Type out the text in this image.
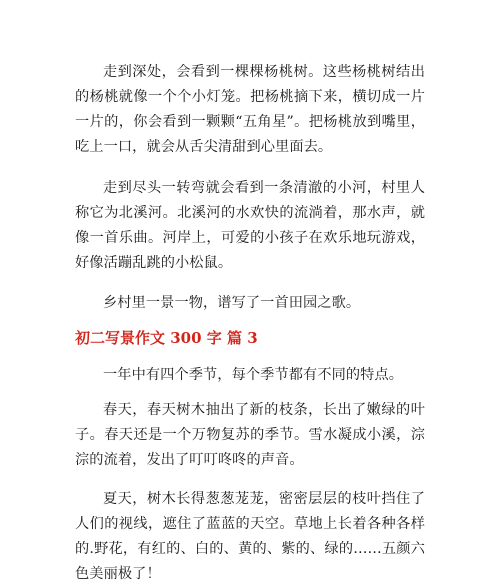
走到深处，会看到一棵棵杨桃树。这些杨桃树结出的杨桃就像一个个小灯笼。把杨桃摘下来，横切成一片一片的，你会看到一颗颗“五角星”。把杨桃放到嘴里，吃上一口，就会从舌尖清甜到心里面去。

走到尽头一转弯就会看到一条清澈的小河，村里人称它为北溪河。北溪河的水欢快的流淌着，那水声，就像一首乐曲。河岸上，可爱的小孩子在欢乐地玩游戏，好像活蹦乱跳的小松鼠。

乡村里一景一物，谱写了一首田园之歌。

初二写景作文 300 字 篇 3

一年中有四个季节，每个季节都有不同的特点。

春天，春天树木抽出了新的枝条，长出了嫩绿的叶子。春天还是一个万物复苏的季节。雪水凝成小溪，淙淙的流着，发出了叮叮咚咚的声音。

夏天，树木长得葱葱茏茏，密密层层的枝叶挡住了人们的视线，遮住了蓝蓝的天空。草地上长着各种各样的.野花，有红的、白的、黄的、紫的、绿的……五颜六色美丽极了！
